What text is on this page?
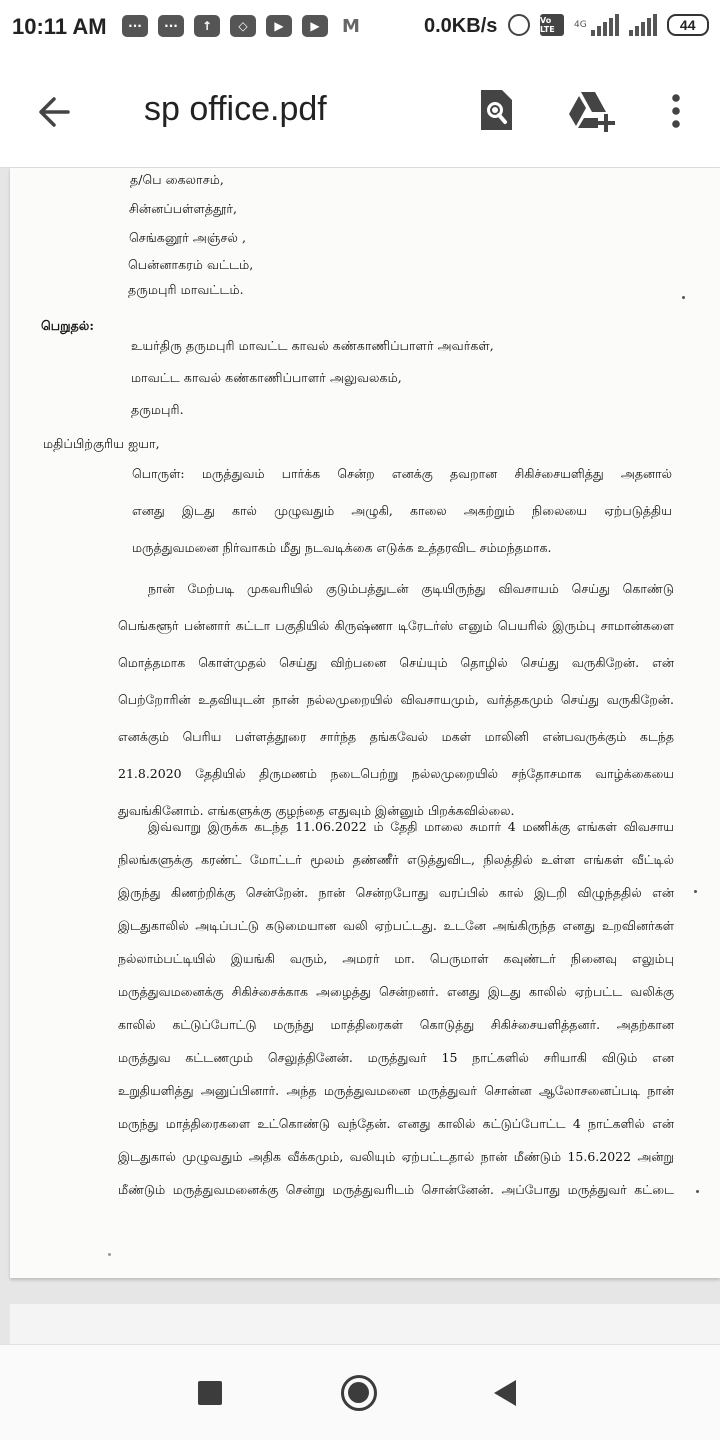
10:11 AM	···	···	↑	◇	▶	▶	M	0.0KB/s	Vo LTE	4G	44
sp office.pdf
த/பெ கைலாசம்,
சின்னப்பள்ளத்தூர்,
செங்கனூர் அஞ்சல் ,
பென்னாகரம் வட்டம்,
தருமபுரி மாவட்டம்.
பெறுதல்:
உயர்திரு தருமபுரி மாவட்ட காவல் கண்காணிப்பாளர் அவர்கள்,
மாவட்ட காவல் கண்காணிப்பாளர் அலுவலகம்,
தருமபுரி.
மதிப்பிற்குரிய ஐயா,
பொருள்: மருத்துவம் பார்க்க சென்ற எனக்கு தவறான சிகிச்சையளித்து அதனால்
எனது இடது கால் முழுவதும் அழுகி, காலை அகற்றும் நிலையை ஏற்படுத்திய
மருத்துவமனை நிர்வாகம் மீது நடவடிக்கை எடுக்க உத்தரவிட சம்மந்தமாக.
நான் மேற்படி முகவரியில் குடும்பத்துடன் குடியிருந்து விவசாயம் செய்து கொண்டு
பெங்களூர் பன்னார் கட்டா பகுதியில் கிருஷ்ணா டிரேடர்ஸ் எனும் பெயரில் இரும்பு சாமான்களை
மொத்தமாக கொள்முதல் செய்து விற்பனை செய்யும் தொழில் செய்து வருகிறேன். என்
பெற்றோரின் உதவியுடன் நான் நல்லமுறையில் விவசாயமும், வர்த்தகமும் செய்து வருகிறேன்.
எனக்கும் பெரிய பள்ளத்தூரை சார்ந்த தங்கவேல் மகள் மாலினி என்பவருக்கும் கடந்த
21.8.2020 தேதியில் திருமணம் நடைபெற்று நல்லமுறையில் சந்தோசமாக வாழ்க்கையை
துவங்கினோம். எங்களுக்கு குழந்தை எதுவும் இன்னும் பிறக்கவில்லை.
இவ்வாறு இருக்க கடந்த 11.06.2022 ம் தேதி மாலை சுமார் 4 மணிக்கு எங்கள் விவசாய
நிலங்களுக்கு கரண்ட் மோட்டர் மூலம் தண்ணீர் எடுத்துவிட, நிலத்தில் உள்ள எங்கள் வீட்டில்
இருந்து கிணற்றிக்கு சென்றேன். நான் சென்றபோது வரப்பில் கால் இடறி விழுந்ததில் என்
இடதுகாலில் அடிப்பட்டு கடுமையான வலி ஏற்பட்டது. உடனே அங்கிருந்த எனது உறவினர்கள்
நல்லாம்பட்டியில் இயங்கி வரும், அமரர் மா. பெருமாள் கவுண்டர் நினைவு எலும்பு
மருத்துவமனைக்கு சிகிச்சைக்காக அழைத்து சென்றனர். எனது இடது காலில் ஏற்பட்ட வலிக்கு
காலில் கட்டுப்போட்டு மருந்து மாத்திரைகள் கொடுத்து சிகிச்சையளித்தனர். அதற்கான
மருத்துவ கட்டணமும் செலுத்தினேன். மருத்துவர் 15 நாட்களில் சரியாகி விடும் என
உறுதியளித்து அனுப்பினார். அந்த மருத்துவமனை மருத்துவர் சொன்ன ஆலோசனைப்படி நான்
மருந்து மாத்திரைகளை உட்கொண்டு வந்தேன். எனது காலில் கட்டுப்போட்ட 4 நாட்களில் என்
இடதுகால் முழுவதும் அதிக வீக்கமும், வலியும் ஏற்பட்டதால் நான் மீண்டும் 15.6.2022 அன்று
மீண்டும் மருத்துவமனைக்கு சென்று மருத்துவரிடம் சொன்னேன். அப்போது மருத்துவர் கட்டை
